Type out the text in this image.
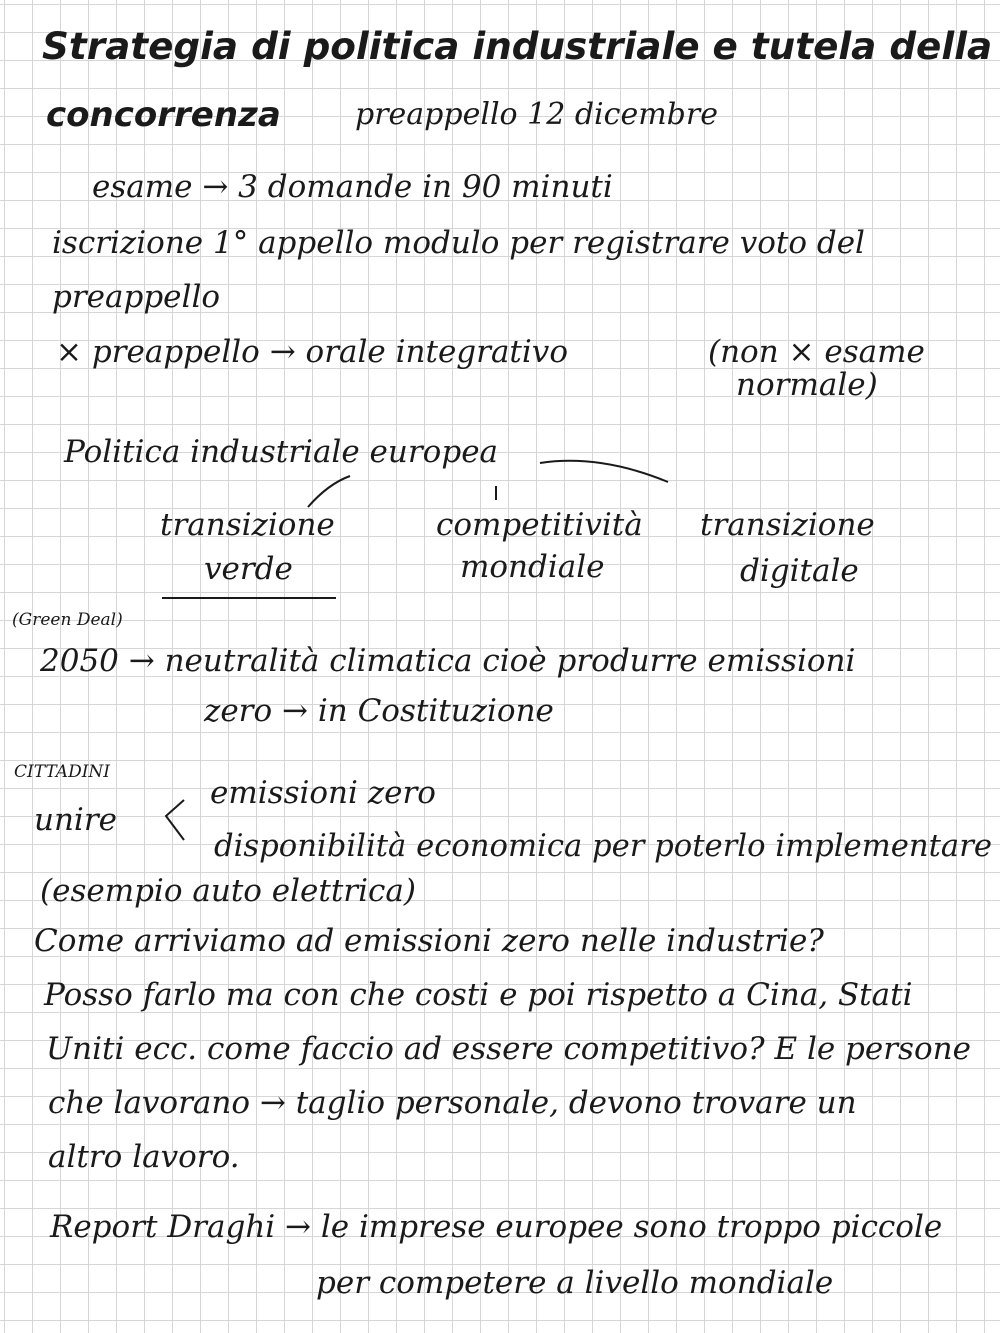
Strategia di politica industriale e tutela della
concorrenza preappello 12 dicembre
esame → 3 domande in 90 minuti
iscrizione 1° appello modulo per registrare voto del
preappello
× preappello → orale integrativo	(non × esame
normale)
Politica industriale europea
transizione
verde
competitività
mondiale
transizione
digitale
(Green Deal)
2050 → neutralità climatica cioè produrre emissioni
zero → in Costituzione
CITTADINI
unire
emissioni zero
disponibilità economica per poterlo implementare
(esempio auto elettrica)
Come arriviamo ad emissioni zero nelle industrie?
Posso farlo ma con che costi e poi rispetto a Cina, Stati
Uniti ecc. come faccio ad essere competitivo? E le persone
che lavorano → taglio personale, devono trovare un
altro lavoro.
Report Draghi → le imprese europee sono troppo piccole
per competere a livello mondiale
